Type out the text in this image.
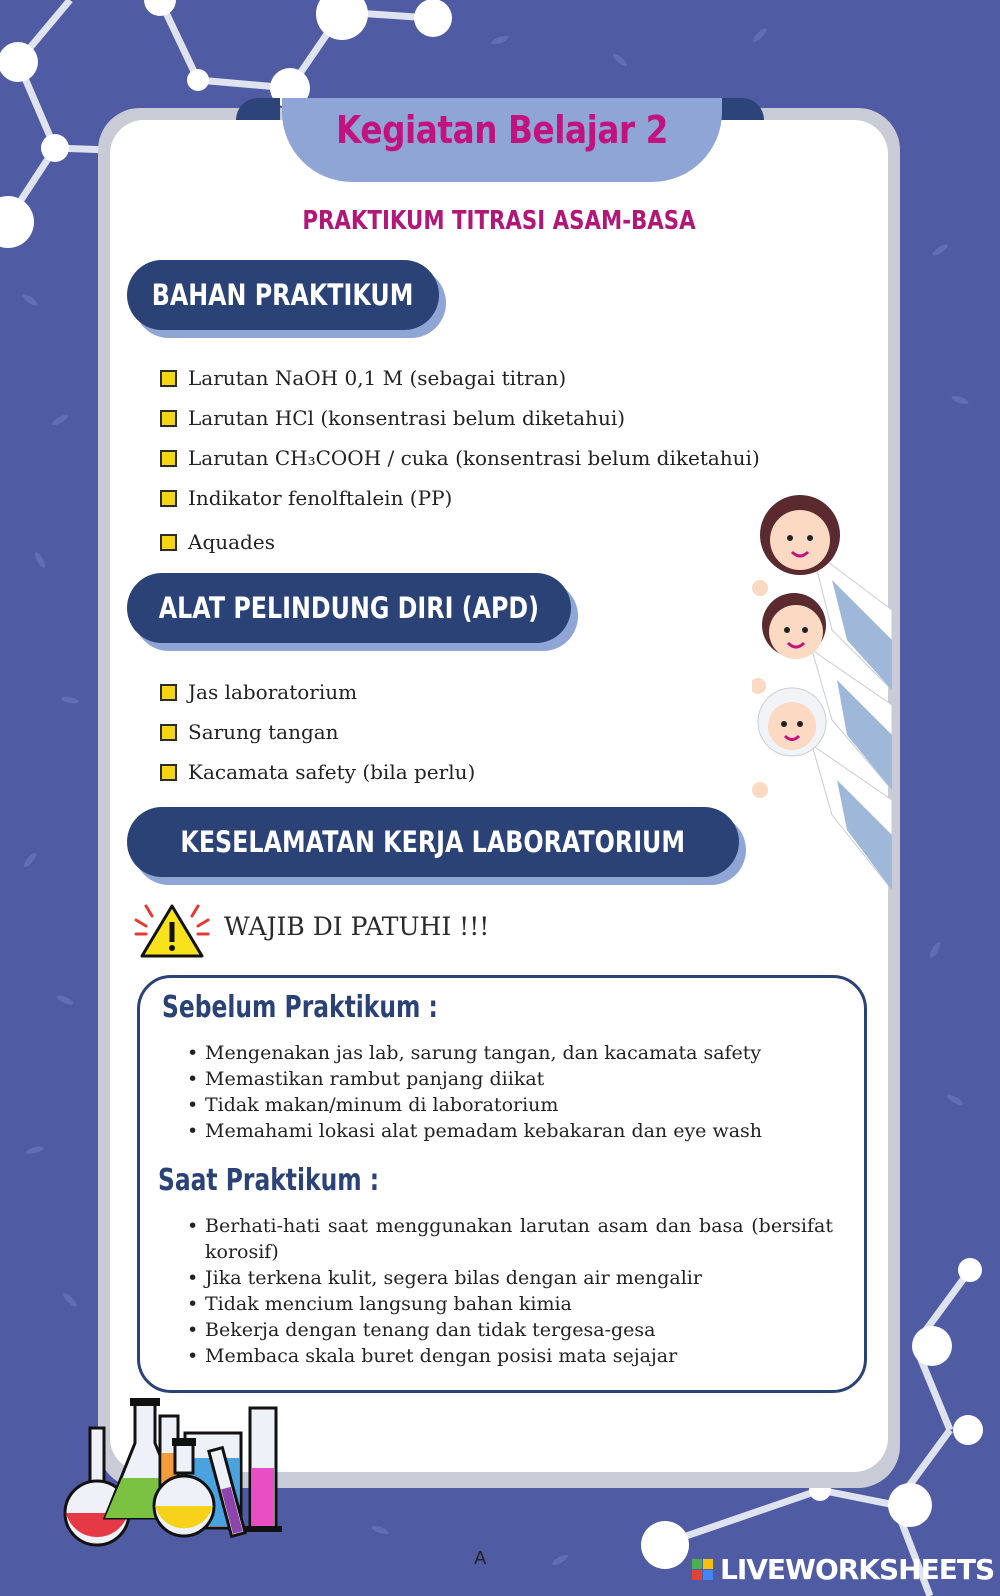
Kegiatan Belajar 2
PRAKTIKUM TITRASI ASAM-BASA
BAHAN PRAKTIKUM
Larutan NaOH 0,1 M (sebagai titran)
Larutan HCl (konsentrasi belum diketahui)
Larutan CH₃COOH / cuka (konsentrasi belum diketahui)
Indikator fenolftalein (PP)
Aquades
ALAT PELINDUNG DIRI (APD)
Jas laboratorium
Sarung tangan
Kacamata safety (bila perlu)
KESELAMATAN KERJA LABORATORIUM
WAJIB DI PATUHI !!!
Sebelum Praktikum :
• Mengenakan jas lab, sarung tangan, dan kacamata safety
• Memastikan rambut panjang diikat
• Tidak makan/minum di laboratorium
• Memahami lokasi alat pemadam kebakaran dan eye wash
Saat Praktikum :
• Berhati-hati saat menggunakan larutan asam dan basa (bersifat korosif)
• Jika terkena kulit, segera bilas dengan air mengalir
• Tidak mencium langsung bahan kimia
• Bekerja dengan tenang dan tidak tergesa-gesa
• Membaca skala buret dengan posisi mata sejajar
A	LIVEWORKSHEETS
